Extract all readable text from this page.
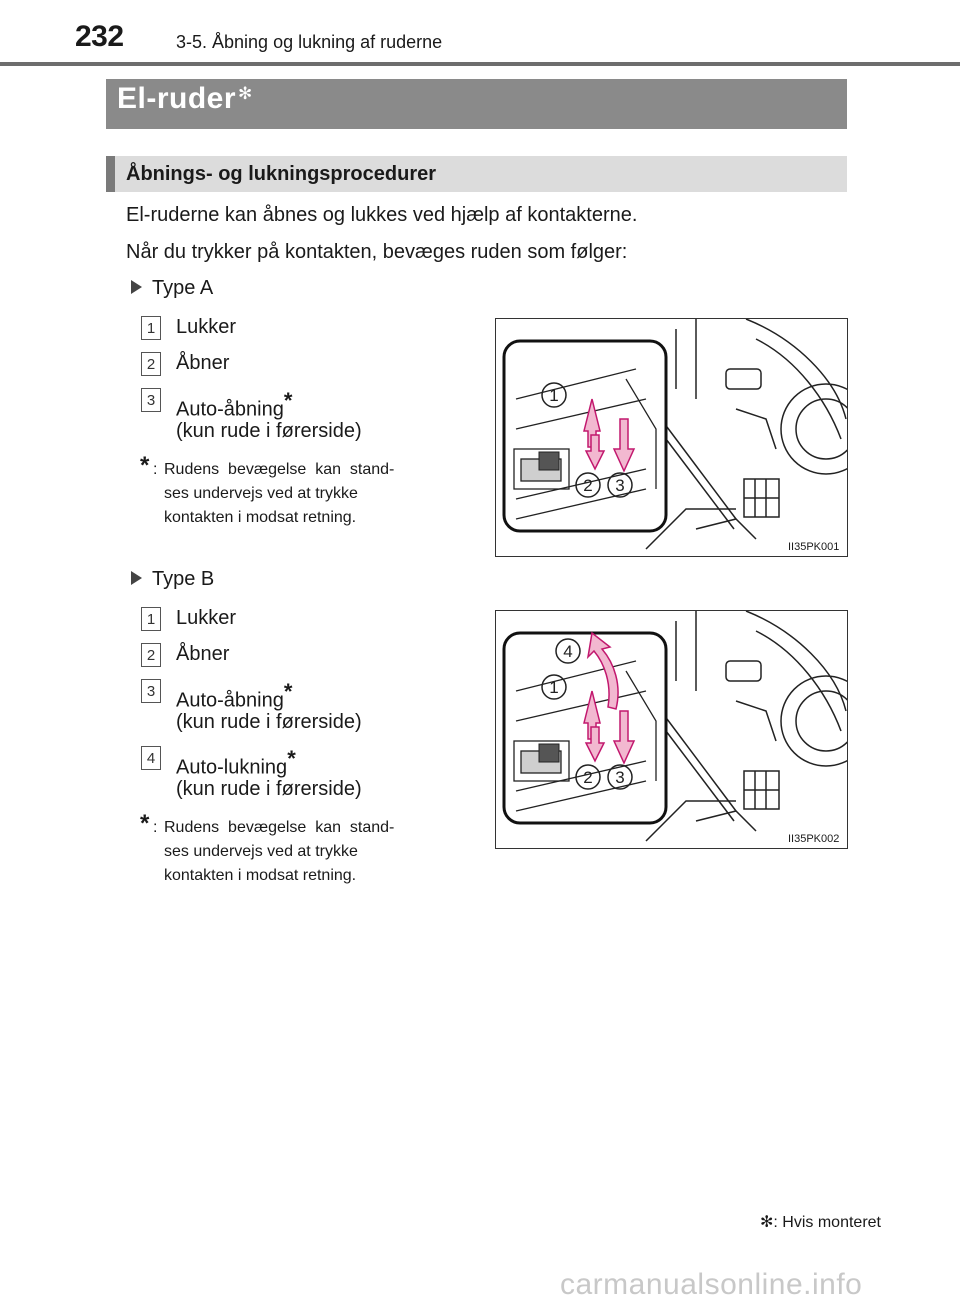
232	3-5. Åbning og lukning af ruderne
El-ruder ✻
Åbnings- og lukningsprocedurer
El-ruderne kan åbnes og lukkes ved hjælp af kontakterne.
Når du trykker på kontakten, bevæges ruden som følger:
Type A
1 Lukker
2 Åbner
3 Auto-åbning*
(kun rude i førerside)
* : Rudens  bevægelse  kan  stand-
ses undervejs ved at trykke
kontakten i modsat retning.
1
2 3
II35PK001
Type B
1 Lukker
2 Åbner
3 Auto-åbning*
(kun rude i førerside)
4 Auto-lukning*
(kun rude i førerside)
* : Rudens  bevægelse  kan  stand-
ses undervejs ved at trykke
kontakten i modsat retning.
1
4
2 3
II35PK002
✻: Hvis monteret
carmanualsonline.info
